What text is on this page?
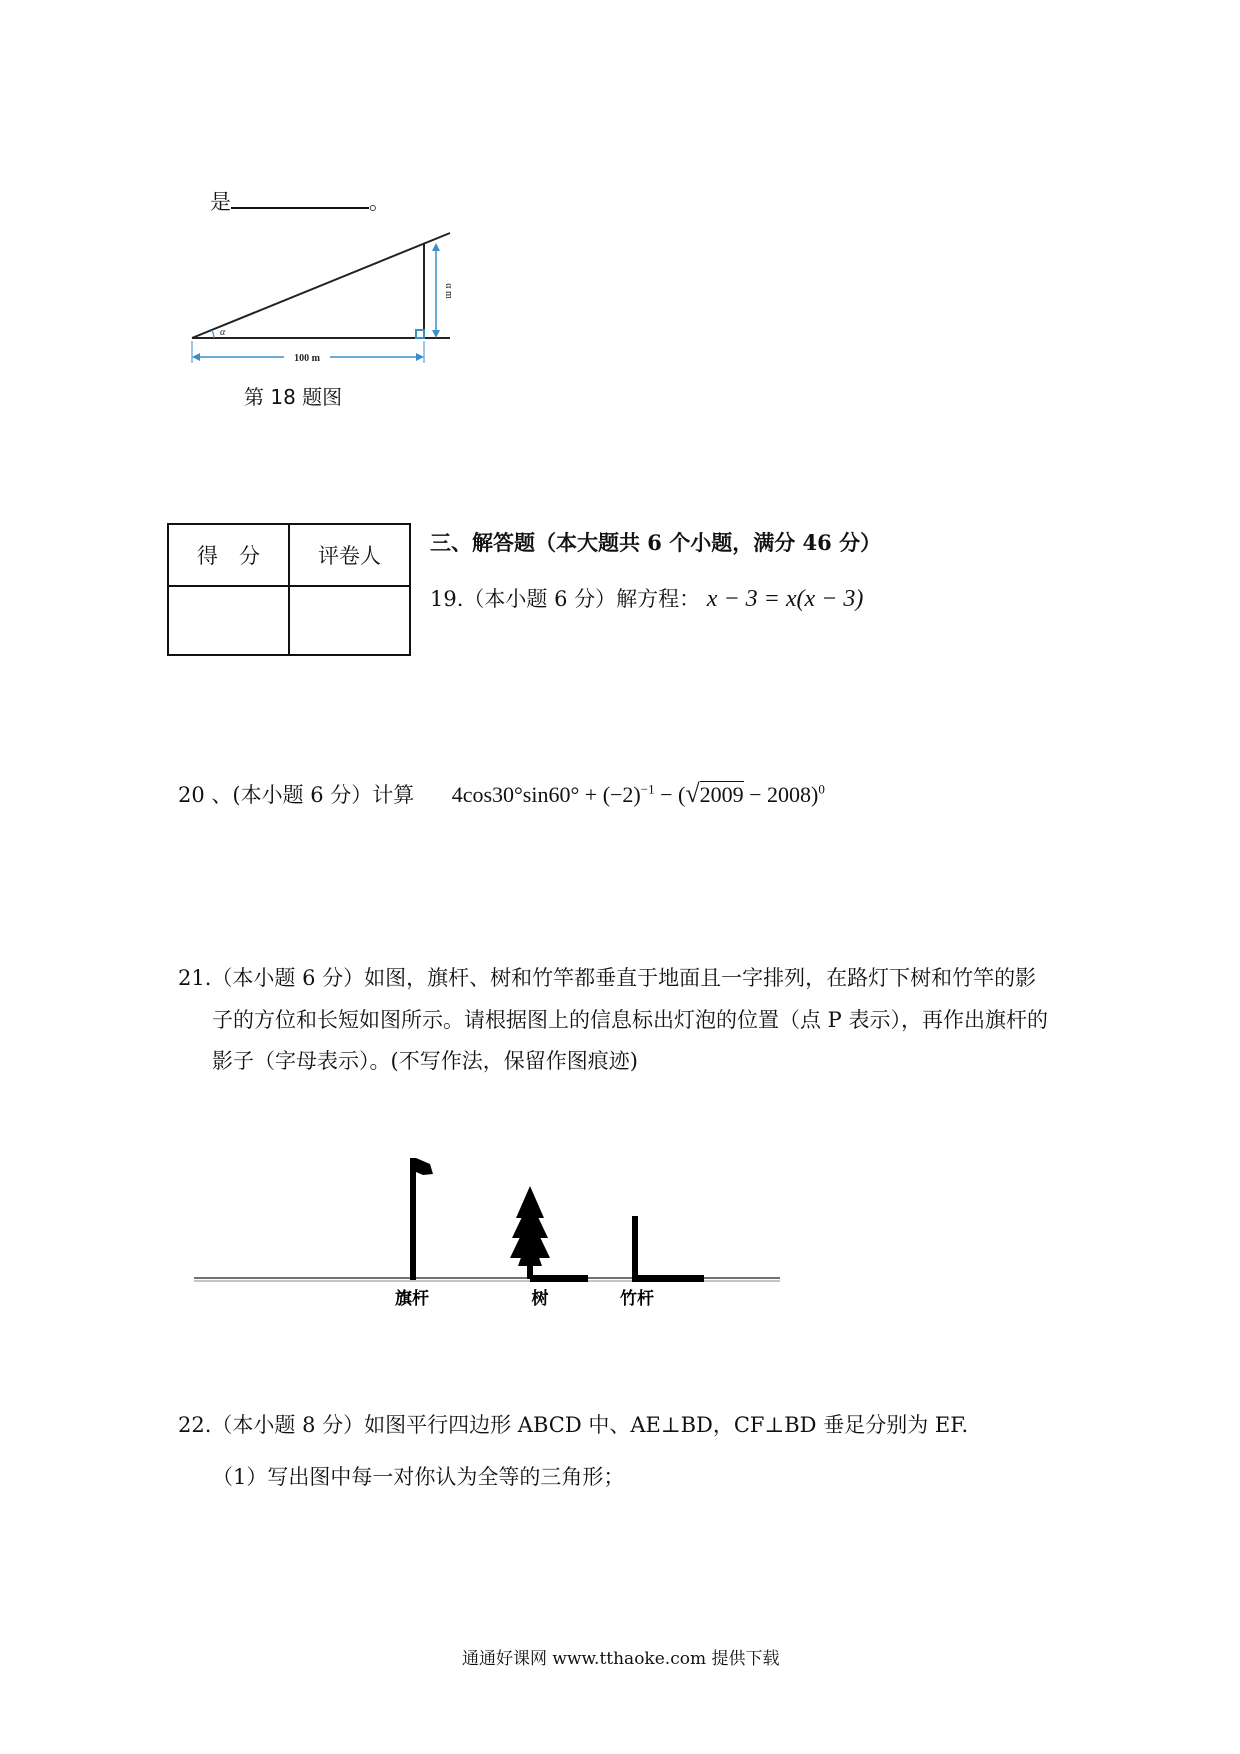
是	。
α m
100 m
α
第 18 题图
得　分	评卷人

三、解答题（本大题共 6 个小题，满分 46 分）
19.（本小题 6 分）解方程： x − 3 = x(x − 3)
20 、(本小题 6 分）计算 $4\cos 30^\circ\sin 60^\circ + (-2)^{-1} - (√2009 - 2008)^0$
21.（本小题 6 分）如图，旗杆、树和竹竿都垂直于地面且一字排列，在路灯下树和竹竿的影
子的方位和长短如图所示。请根据图上的信息标出灯泡的位置（点 P 表示），再作出旗杆的
影子（字母表示）。(不写作法，保留作图痕迹)
旗杆	树	竹杆
22.（本小题 8 分）如图平行四边形 ABCD 中、AE⊥BD，CF⊥BD 垂足分别为 EF.
（1）写出图中每一对你认为全等的三角形；
通通好课网 www.tthaoke.com 提供下载
